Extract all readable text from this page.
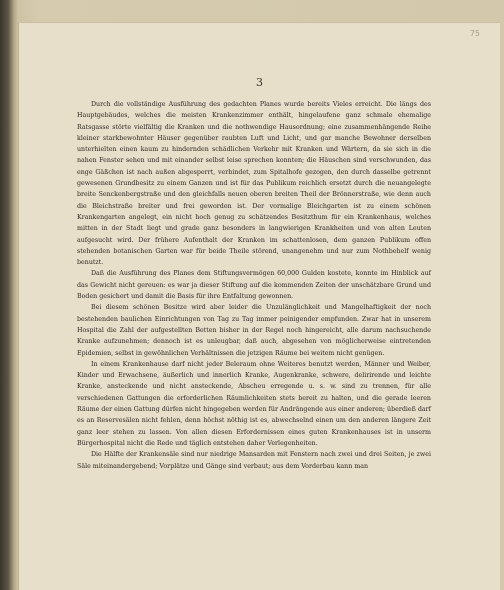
75
3

Durch die vollständige Ausführung des gedachten Planes wurde bereits Vieles erreicht. Die längs des Hauptgebäudes, welches die meisten Krankenzimmer enthält, hingelaufene ganz schmale ehemalige Ratsgasse störte vielfältig die Kranken und die nothwendige Hausordnung; eine zusammenhängende Reihe kleiner starkbewohnter Häuser gegenüber raubten Luft und Licht, und gar manche Bewohner derselben unterhielten einen kaum zu hindernden schädlichen Verkehr mit Kranken und Wärtern, da sie sich in die nahen Fenster sehen und mit einander selbst leise sprechen konnten; die Häuschen sind verschwunden, das enge Gäßchen ist nach außen abgesperrt, verbindet, zum Spitalhofe gezogen, den durch dasselbe getrennt gewesenen Grundbesitz zu einem Ganzen und ist für das Publikum reichlich ersetzt durch die neuangelegte breite Senckenbergstraße und den gleichfalls neuen oberen breiten Theil der Brönnerstraße, wie denn auch die Bleichstraße breiter und frei geworden ist. Der vormalige Bleichgarten ist zu einem schönen Krankengarten angelegt, ein nicht hoch genug zu schätzendes Besitzthum für ein Krankenhaus, welches mitten in der Stadt liegt und grade ganz besonders in langwierigen Krankheiten und von alten Leuten aufgesucht wird. Der frühere Aufenthalt der Kranken im schattenlosen, dem ganzen Publikum offen stehenden botanischen Garten war für beide Theile störend, unangenehm und nur zum Nothbehelf wenig benutzt.

Daß die Ausführung des Planes dem Stiftungsvermögen 60,000 Gulden kostete, konnte im Hinblick auf das Gewicht nicht gereuen: es war ja dieser Stiftung auf die kommenden Zeiten der unschätzbare Grund und Boden gesichert und damit die Basis für ihre Entfaltung gewonnen.

Bei diesem schönen Besitze wird aber leider die Unzulänglichkeit und Mangelhaftigkeit der noch bestehenden baulichen Einrichtungen von Tag zu Tag immer peinigender empfunden. Zwar hat in unserem Hospital die Zahl der aufgestellten Betten bisher in der Regel noch hingereicht, alle darum nachsuchende Kranke aufzunehmen; dennoch ist es unleugbar, daß auch, abgesehen von möglicherweise eintretenden Epidemien, selbst in gewöhnlichen Verhältnissen die jetzigen Räume bei weitem nicht genügen.

In einem Krankenhause darf nicht jeder Beleraum ohne Weiteres benutzt werden, Männer und Weiber, Kinder und Erwachsene, äußerlich und innerlich Kranke, Augenkranke, schwere, delirirende und leichte Kranke, ansteckende und nicht ansteckende, Abscheu erregende u. s. w. sind zu trennen, für alle verschiedenen Gattungen die erforderlichen Räumlichkeiten stets bereit zu halten, und die gerade leeren Räume der einen Gattung dürfen nicht hingegeben werden für Andrängende aus einer anderen; überdieß darf es an Reservesälen nicht fehlen, denn höchst nöthig ist es, abwechselnd einen um den anderen längere Zeit ganz leer stehen zu lassen. Von allen diesen Erfordernissen eines guten Krankenhauses ist in unserm Bürgerhospital nicht die Rede und täglich entstehen daher Verlegenheiten.

Die Hälfte der Krankensäle sind nur niedrige Mansarden mit Fenstern nach zwei und drei Seiten, je zwei Säle miteinandergebend; Vorplätze und Gänge sind verbaut; aus dem Vorderbau kann man
